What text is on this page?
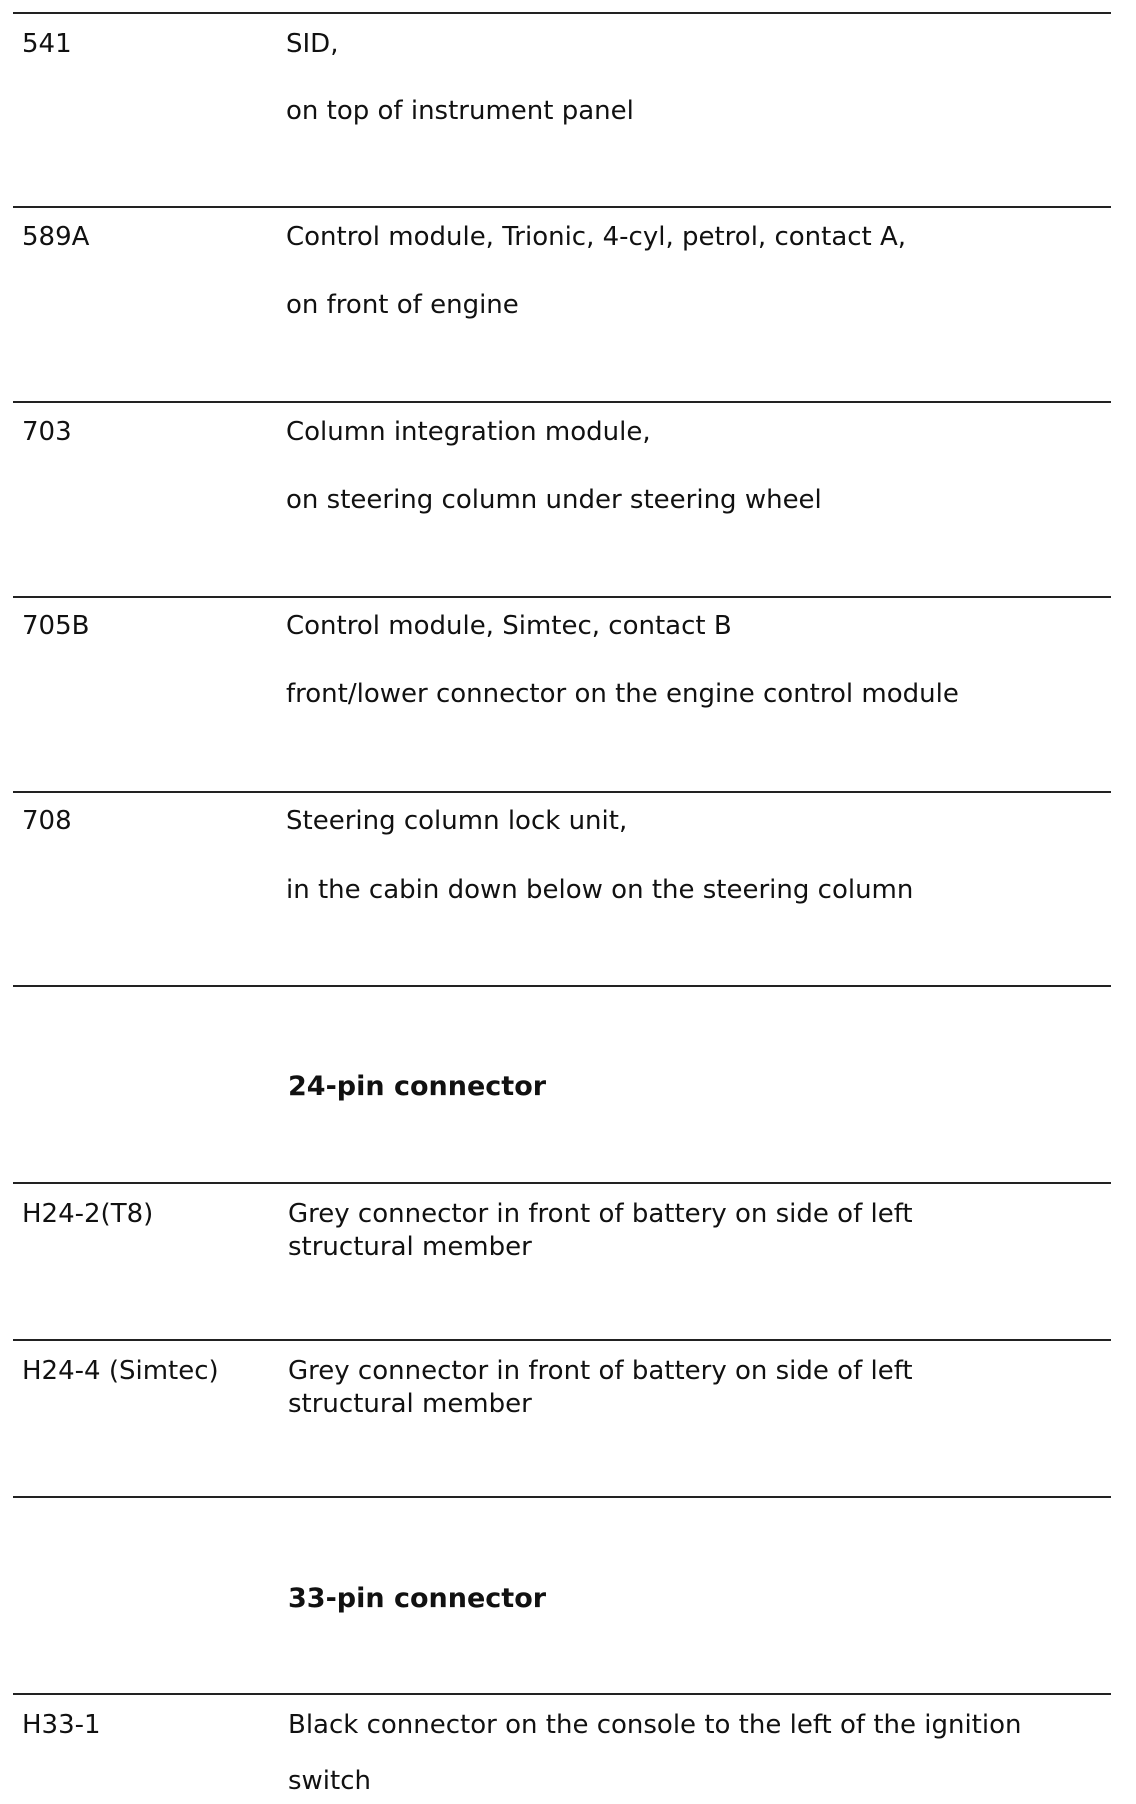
541	SID,
on top of instrument panel
589A	Control module, Trionic, 4-cyl, petrol, contact A,
on front of engine
703	Column integration module,
on steering column under steering wheel
705B	Control module, Simtec, contact B
front/lower connector on the engine control module
708	Steering column lock unit,
in the cabin down below on the steering column
24-pin connector
H24-2(T8)	Grey connector in front of battery on side of left structural member
H24-4 (Simtec)	Grey connector in front of battery on side of left structural member
33-pin connector
H33-1	Black connector on the console to the left of the ignition
switch
